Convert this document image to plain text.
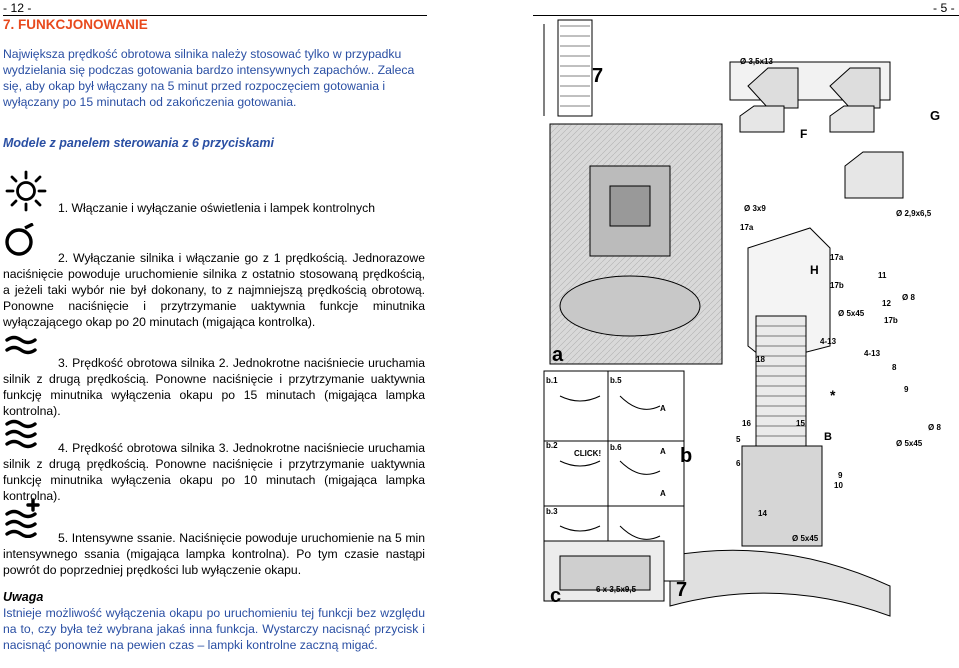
- 12 -	- 5 -
7. FUNKCJONOWANIE
Największa prędkość obrotowa silnika należy stosować tylko w przypadku wydzielania się podczas gotowania bardzo intensywnych zapachów.. Zaleca się, aby okap był włączany na 5 minut przed rozpoczęciem gotowania i wyłączany po 15 minutach od zakończenia gotowania.
Modele z panelem sterowania z 6 przyciskami
1. Włączanie i wyłączanie oświetlenia i lampek kontrolnych
2. Wyłączanie silnika i włączanie go z 1 prędkością. Jednorazowe naciśnięcie powoduje uruchomienie silnika z ostatnio stosowaną prędkością, a jeżeli taki wybór nie był dokonany, to z najmniejszą prędkością obrotową. Ponowne naciśnięcie i przytrzymanie uaktywnia funkcje minutnika wyłączającego okap po 20 minutach (migająca kontrolka).
3. Prędkość obrotowa silnika 2. Jednokrotne naciśniecie uruchamia silnik z drugą prędkością. Ponowne naciśnięcie i przytrzymanie uaktywnia funkcję minutnika wyłączenia okapu po 15 minutach (migająca lampka kontrolna).
4. Prędkość obrotowa silnika 3. Jednokrotne naciśniecie uruchamia silnik z drugą prędkością. Ponowne naciśnięcie i przytrzymanie uaktywnia funkcję minutnika wyłączenia okapu po 10 minutach (migająca lampka kontrolna).
5. Intensywne ssanie. Naciśnięcie powoduje uruchomienie na 5 min intensywnego ssania (migająca lampka kontrolna). Po tym czasie nastąpi powrót do poprzedniej prędkości lub wyłączenie okapu.
Uwaga
Istnieje możliwość wyłączenia okapu po uruchomieniu tej funkcji bez względu na to, czy była też wybrana jakaś inna funkcja. Wystarczy nacisnąć przycisk i nacisnąć ponownie na pewien czas – lampki kontrolne zaczną migać.
7
Ø 3,5x13
G
F
a
Ø 3x9
17a
Ø 2,9x6,5
17a
11
17b
12
Ø 8
Ø 5x45
17b
H
4-13
4-13
8
9
18
15
*
16
5
6
B
Ø 8
Ø 5x45
9
10
14
Ø 5x45
b.1
b.2
b.5
b.3
b.6
A
A
A
CLICK!	b
6 x 3,5x9,5
c	7
